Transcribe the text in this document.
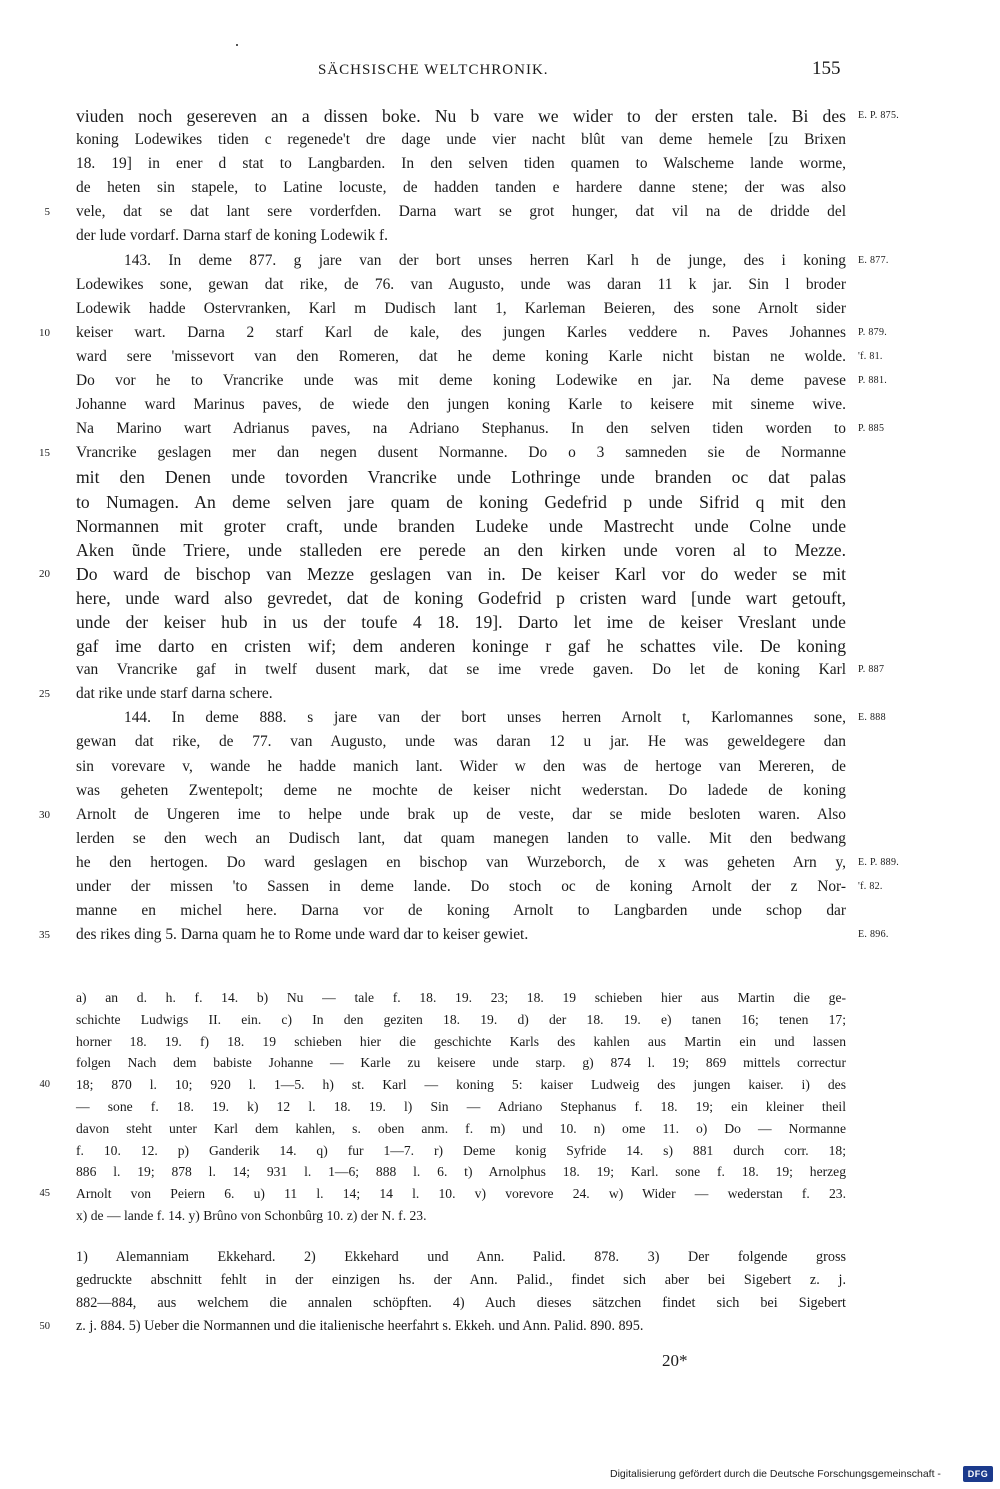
SÄCHSISCHE WELTCHRONIK.	155
viuden noch gesereven an a dissen boke. Nu b vare we wider to der ersten tale. Bi des E. P. 875.
koning Lodewikes tiden c regenede't dre dage unde vier nacht blût van deme hemele [zu Brixen
18. 19] in ener d stat to Langbarden. In den selven tiden quamen to Walscheme lande worme,
de heten sin stapele, to Latine locuste, de hadden tanden e hardere danne stene; der was also
vele, dat se dat lant sere vorderfden. Darna wart se grot hunger, dat vil na de dridde del
5
der lude vordarf. Darna starf de koning Lodewik f.
143. In deme 877. g jare van der bort unses herren Karl h de junge, des i koning E. 877.
Lodewikes sone, gewan dat rike, de 76. van Augusto, unde was daran 11 k jar. Sin l broder
Lodewik hadde Ostervranken, Karl m Dudisch lant 1, Karleman Beieren, des sone Arnolt sider
keiser wart. Darna 2 starf Karl de kale, des jungen Karles veddere n. Paves Johannes
10	P. 879.
ward sere 'missevort van den Romeren, dat he deme koning Karle nicht bistan ne wolde. 'f. 81.
Do vor he to Vrancrike unde was mit deme koning Lodewike en jar. Na deme pavese P. 881.
Johanne ward Marinus paves, de wiede den jungen koning Karle to keisere mit sineme wive.
Na Marino wart Adrianus paves, na Adriano Stephanus. In den selven tiden worden to P. 885
Vrancrike geslagen mer dan negen dusent Normanne. Do o 3 samneden sie de Normanne
15
mit den Denen unde tovorden Vrancrike unde Lothringe unde branden oc dat palas
to Numagen. An deme selven jare quam de koning Gedefrid p unde Sifrid q mit den
Normannen mit groter craft, unde branden Ludeke unde Mastrecht unde Colne unde
Aken ũnde Triere, unde stalleden ere perede an den kirken unde voren al to Mezze.
Do ward de bischop van Mezze geslagen van in. De keiser Karl vor do weder se mit
20
here, unde ward also gevredet, dat de koning Godefrid p cristen ward [unde wart getouft,
unde der keiser hub in us der toufe 4 18. 19]. Darto let ime de keiser Vreslant unde
gaf ime darto en cristen wif; dem anderen koninge r gaf he schattes vile. De koning
van Vrancrike gaf in twelf dusent mark, dat se ime vrede gaven. Do let de koning Karl P. 887
dat rike unde starf darna schere.
25
144. In deme 888. s jare van der bort unses herren Arnolt t, Karlomannes sone, E. 888
gewan dat rike, de 77. van Augusto, unde was daran 12 u jar. He was geweldegere dan
sin vorevare v, wande he hadde manich lant. Wider w den was de hertoge van Mereren, de
was geheten Zwentepolt; deme ne mochte de keiser nicht wederstan. Do ladede de koning
Arnolt de Ungeren ime to helpe unde brak up de veste, dar se mide besloten waren. Also
30
lerden se den wech an Dudisch lant, dat quam manegen landen to valle. Mit den bedwang
he den hertogen. Do ward geslagen en bischop van Wurzeborch, de x was geheten Arn y, E. P. 889.
under der missen 'to Sassen in deme lande. Do stoch oc de koning Arnolt der z Nor- 'f. 82.
manne en michel here. Darna vor de koning Arnolt to Langbarden unde schop dar
des rikes ding 5. Darna quam he to Rome unde ward dar to keiser gewiet.
35	E. 896.
a) an d. h. f. 14. b) Nu — tale f. 18. 19. 23; 18. 19 schieben hier aus Martin die ge-
schichte Ludwigs II. ein. c) In den geziten 18. 19. d) der 18. 19. e) tanen 16; tenen 17;
horner 18. 19. f) 18. 19 schieben hier die geschichte Karls des kahlen aus Martin ein und lassen
folgen Nach dem babiste Johanne — Karle zu keisere unde starp. g) 874 l. 19; 869 mittels correctur
18; 870 l. 10; 920 l. 1—5. h) st. Karl — koning 5: kaiser Ludweig des jungen kaiser. i) des
40
— sone f. 18. 19. k) 12 l. 18. 19. l) Sin — Adriano Stephanus f. 18. 19; ein kleiner theil
davon steht unter Karl dem kahlen, s. oben anm. f. m) und 10. n) ome 11. o) Do — Normanne
f. 10. 12. p) Ganderik 14. q) fur 1—7. r) Deme konig Syfride 14. s) 881 durch corr. 18;
886 l. 19; 878 l. 14; 931 l. 1—6; 888 l. 6. t) Arnolphus 18. 19; Karl. sone f. 18. 19; herzeg
Arnolt von Peiern 6. u) 11 l. 14; 14 l. 10. v) vorevore 24. w) Wider — wederstan f. 23.
45
x) de — lande f. 14. y) Brûno von Schonbûrg 10. z) der N. f. 23.
1) Alemanniam Ekkehard. 2) Ekkehard und Ann. Palid. 878. 3) Der folgende gross
gedruckte abschnitt fehlt in der einzigen hs. der Ann. Palid., findet sich aber bei Sigebert z. j.
882—884, aus welchem die annalen schöpften. 4) Auch dieses sätzchen findet sich bei Sigebert
z. j. 884. 5) Ueber die Normannen und die italienische heerfahrt s. Ekkeh. und Ann. Palid. 890. 895.
50
20*
Digitalisierung gefördert durch die Deutsche Forschungsgemeinschaft -	DFG
